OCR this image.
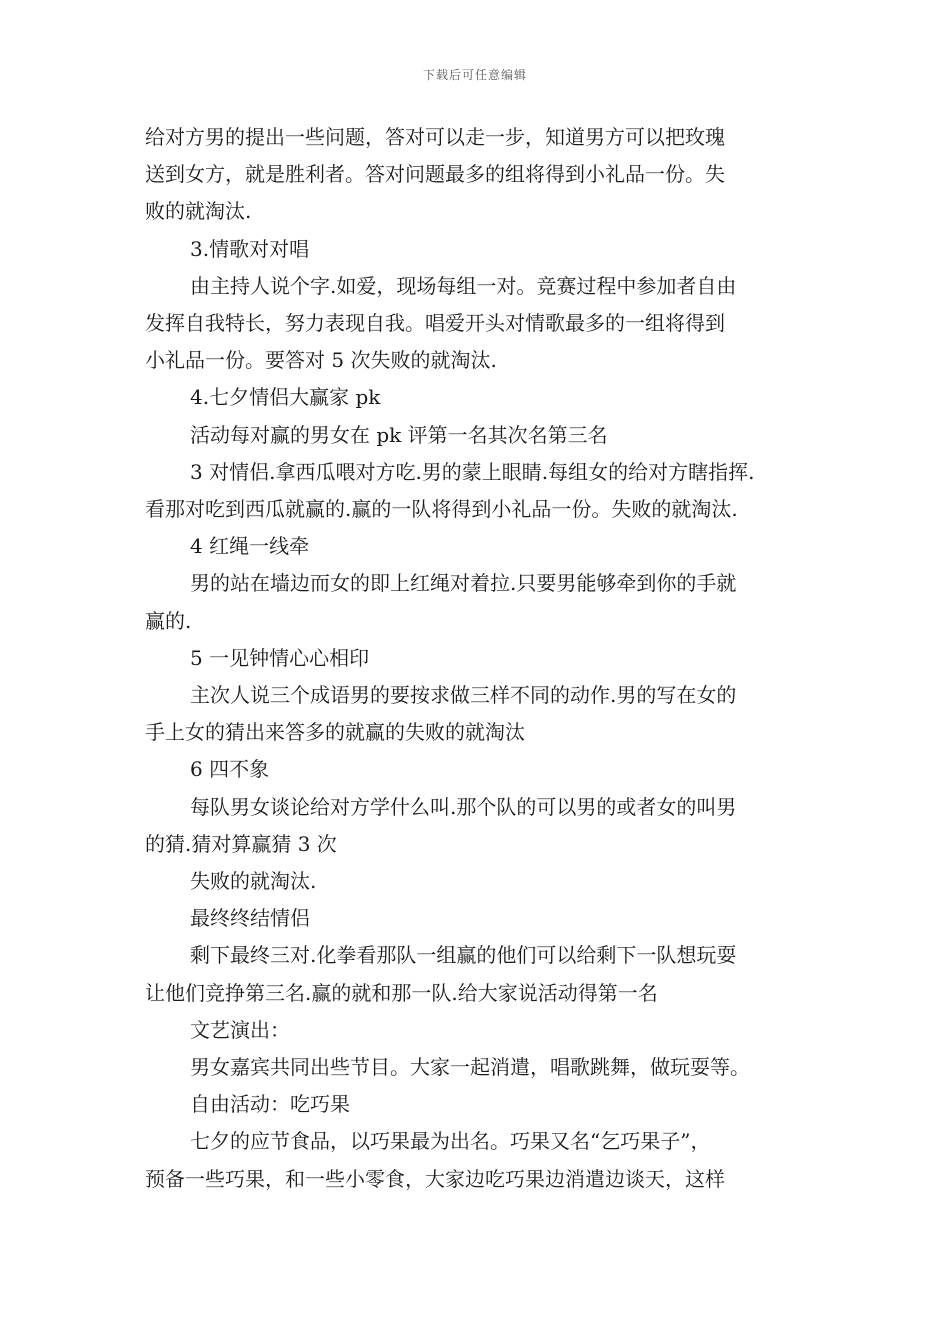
下载后可任意编辑

给对方男的提出一些问题，答对可以走一步，知道男方可以把玫瑰

送到女方，就是胜利者。答对问题最多的组将得到小礼品一份。失

败的就淘汰.

3.情歌对对唱

由主持人说个字.如爱，现场每组一对。竞赛过程中参加者自由

发挥自我特长，努力表现自我。唱爱开头对情歌最多的一组将得到

小礼品一份。要答对 5 次失败的就淘汰.

4.七夕情侣大赢家 pk

活动每对赢的男女在 pk 评第一名其次名第三名

3 对情侣.拿西瓜喂对方吃.男的蒙上眼睛.每组女的给对方瞎指挥.

看那对吃到西瓜就赢的.赢的一队将得到小礼品一份。失败的就淘汰.

4 红绳一线牵

男的站在墙边而女的即上红绳对着拉.只要男能够牵到你的手就

赢的.

5 一见钟情心心相印

主次人说三个成语男的要按求做三样不同的动作.男的写在女的

手上女的猜出来答多的就赢的失败的就淘汰

6 四不象

每队男女谈论给对方学什么叫.那个队的可以男的或者女的叫男

的猜.猜对算赢猜 3 次

失败的就淘汰.

最终终结情侣

剩下最终三对.化拳看那队一组赢的他们可以给剩下一队想玩耍

让他们竞挣第三名.赢的就和那一队.给大家说活动得第一名

文艺演出：

男女嘉宾共同出些节目。大家一起消遣，唱歌跳舞，做玩耍等。

自由活动：吃巧果

七夕的应节食品，以巧果最为出名。巧果又名“乞巧果子”，

预备一些巧果，和一些小零食，大家边吃巧果边消遣边谈天，这样
